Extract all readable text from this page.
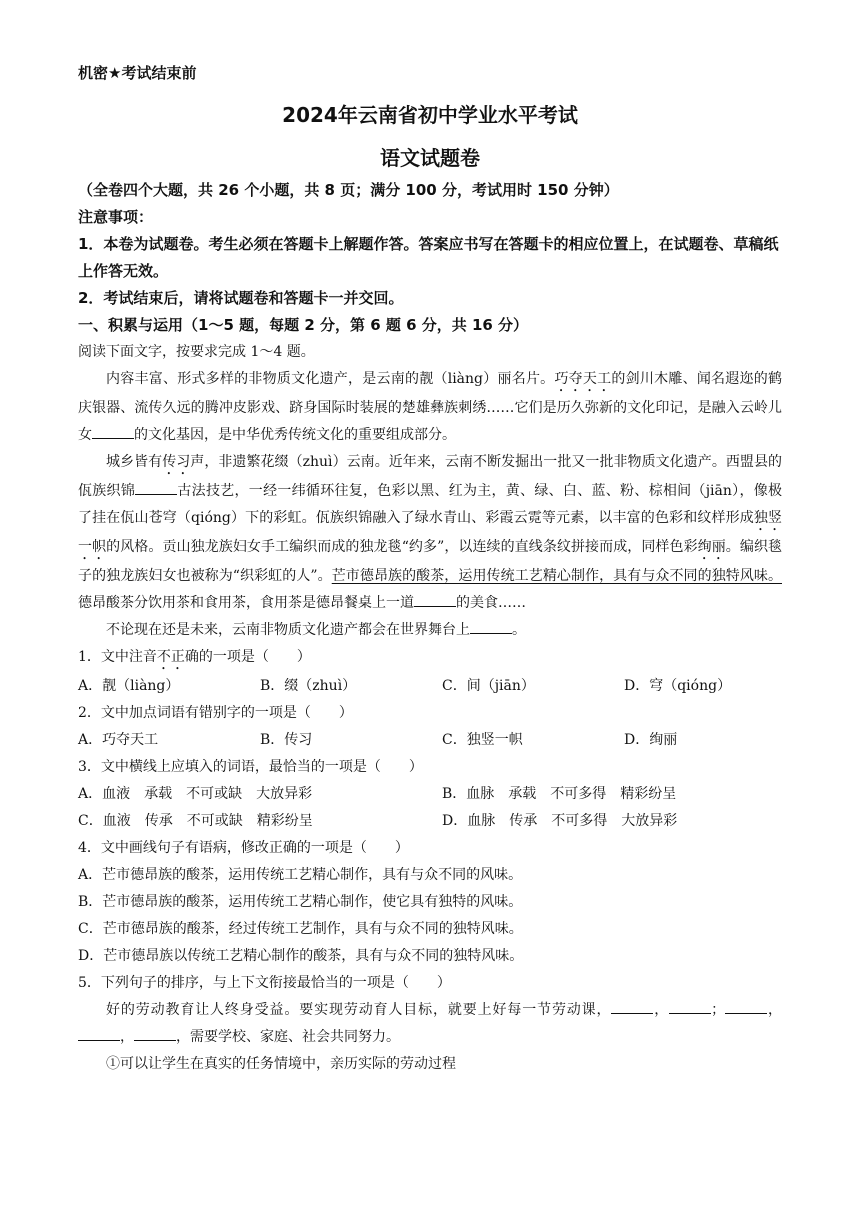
机密★考试结束前
2024年云南省初中学业水平考试
语文试题卷
（全卷四个大题，共 26 个小题，共 8 页；满分 100 分，考试用时 150 分钟）
注意事项：
1．本卷为试题卷。考生必须在答题卡上解题作答。答案应书写在答题卡的相应位置上，在试题卷、草稿纸上作答无效。
2．考试结束后，请将试题卷和答题卡一并交回。
一、积累与运用（1～5 题，每题 2 分，第 6 题 6 分，共 16 分）
阅读下面文字，按要求完成 1～4 题。
内容丰富、形式多样的非物质文化遗产，是云南的靓（liàng）丽名片。巧夺天工的剑川木雕、闻名遐迩的鹤庆银器、流传久远的腾冲皮影戏、跻身国际时装展的楚雄彝族刺绣……它们是历久弥新的文化印记，是融入云岭儿女	的文化基因，是中华优秀传统文化的重要组成部分。
城乡皆有传习声，非遗繁花缀（zhuì）云南。近年来，云南不断发掘出一批又一批非物质文化遗产。西盟县的佤族织锦	古法技艺，一经一纬循环往复，色彩以黑、红为主，黄、绿、白、蓝、粉、棕相间（jiān），像极了挂在佤山苍穹（qióng）下的彩虹。佤族织锦融入了绿水青山、彩霞云霓等元素，以丰富的色彩和纹样形成独竖一帜的风格。贡山独龙族妇女手工编织而成的独龙毯“约多”，以连续的直线条纹拼接而成，同样色彩绚丽。编织毯子的独龙族妇女也被称为“织彩虹的人”。芒市德昂族的酸茶，运用传统工艺精心制作，具有与众不同的独特风味。德昂酸茶分饮用茶和食用茶，食用茶是德昂餐桌上一道	的美食……
不论现在还是未来，云南非物质文化遗产都会在世界舞台上	。
1．文中注音不正确的一项是（　　）
A．靓（liàng）	B．缀（zhuì）	C．间（jiān）	D．穹（qióng）
2．文中加点词语有错别字的一项是（　　）
A．巧夺天工	B．传习	C．独竖一帜	D．绚丽
3．文中横线上应填入的词语，最恰当的一项是（　　）
A．血液　承载　不可或缺　大放异彩	B．血脉　承载　不可多得　精彩纷呈
C．血液　传承　不可或缺　精彩纷呈	D．血脉　传承　不可多得　大放异彩
4．文中画线句子有语病，修改正确的一项是（　　）
A．芒市德昂族的酸茶，运用传统工艺精心制作，具有与众不同的风味。
B．芒市德昂族的酸茶，运用传统工艺精心制作，使它具有独特的风味。
C．芒市德昂族的酸茶，经过传统工艺制作，具有与众不同的独特风味。
D．芒市德昂族以传统工艺精心制作的酸茶，具有与众不同的独特风味。
5．下列句子的排序，与上下文衔接最恰当的一项是（　　）
好的劳动教育让人终身受益。要实现劳动育人目标，就要上好每一节劳动课，	，	；	，，	，需要学校、家庭、社会共同努力。
①可以让学生在真实的任务情境中，亲历实际的劳动过程
